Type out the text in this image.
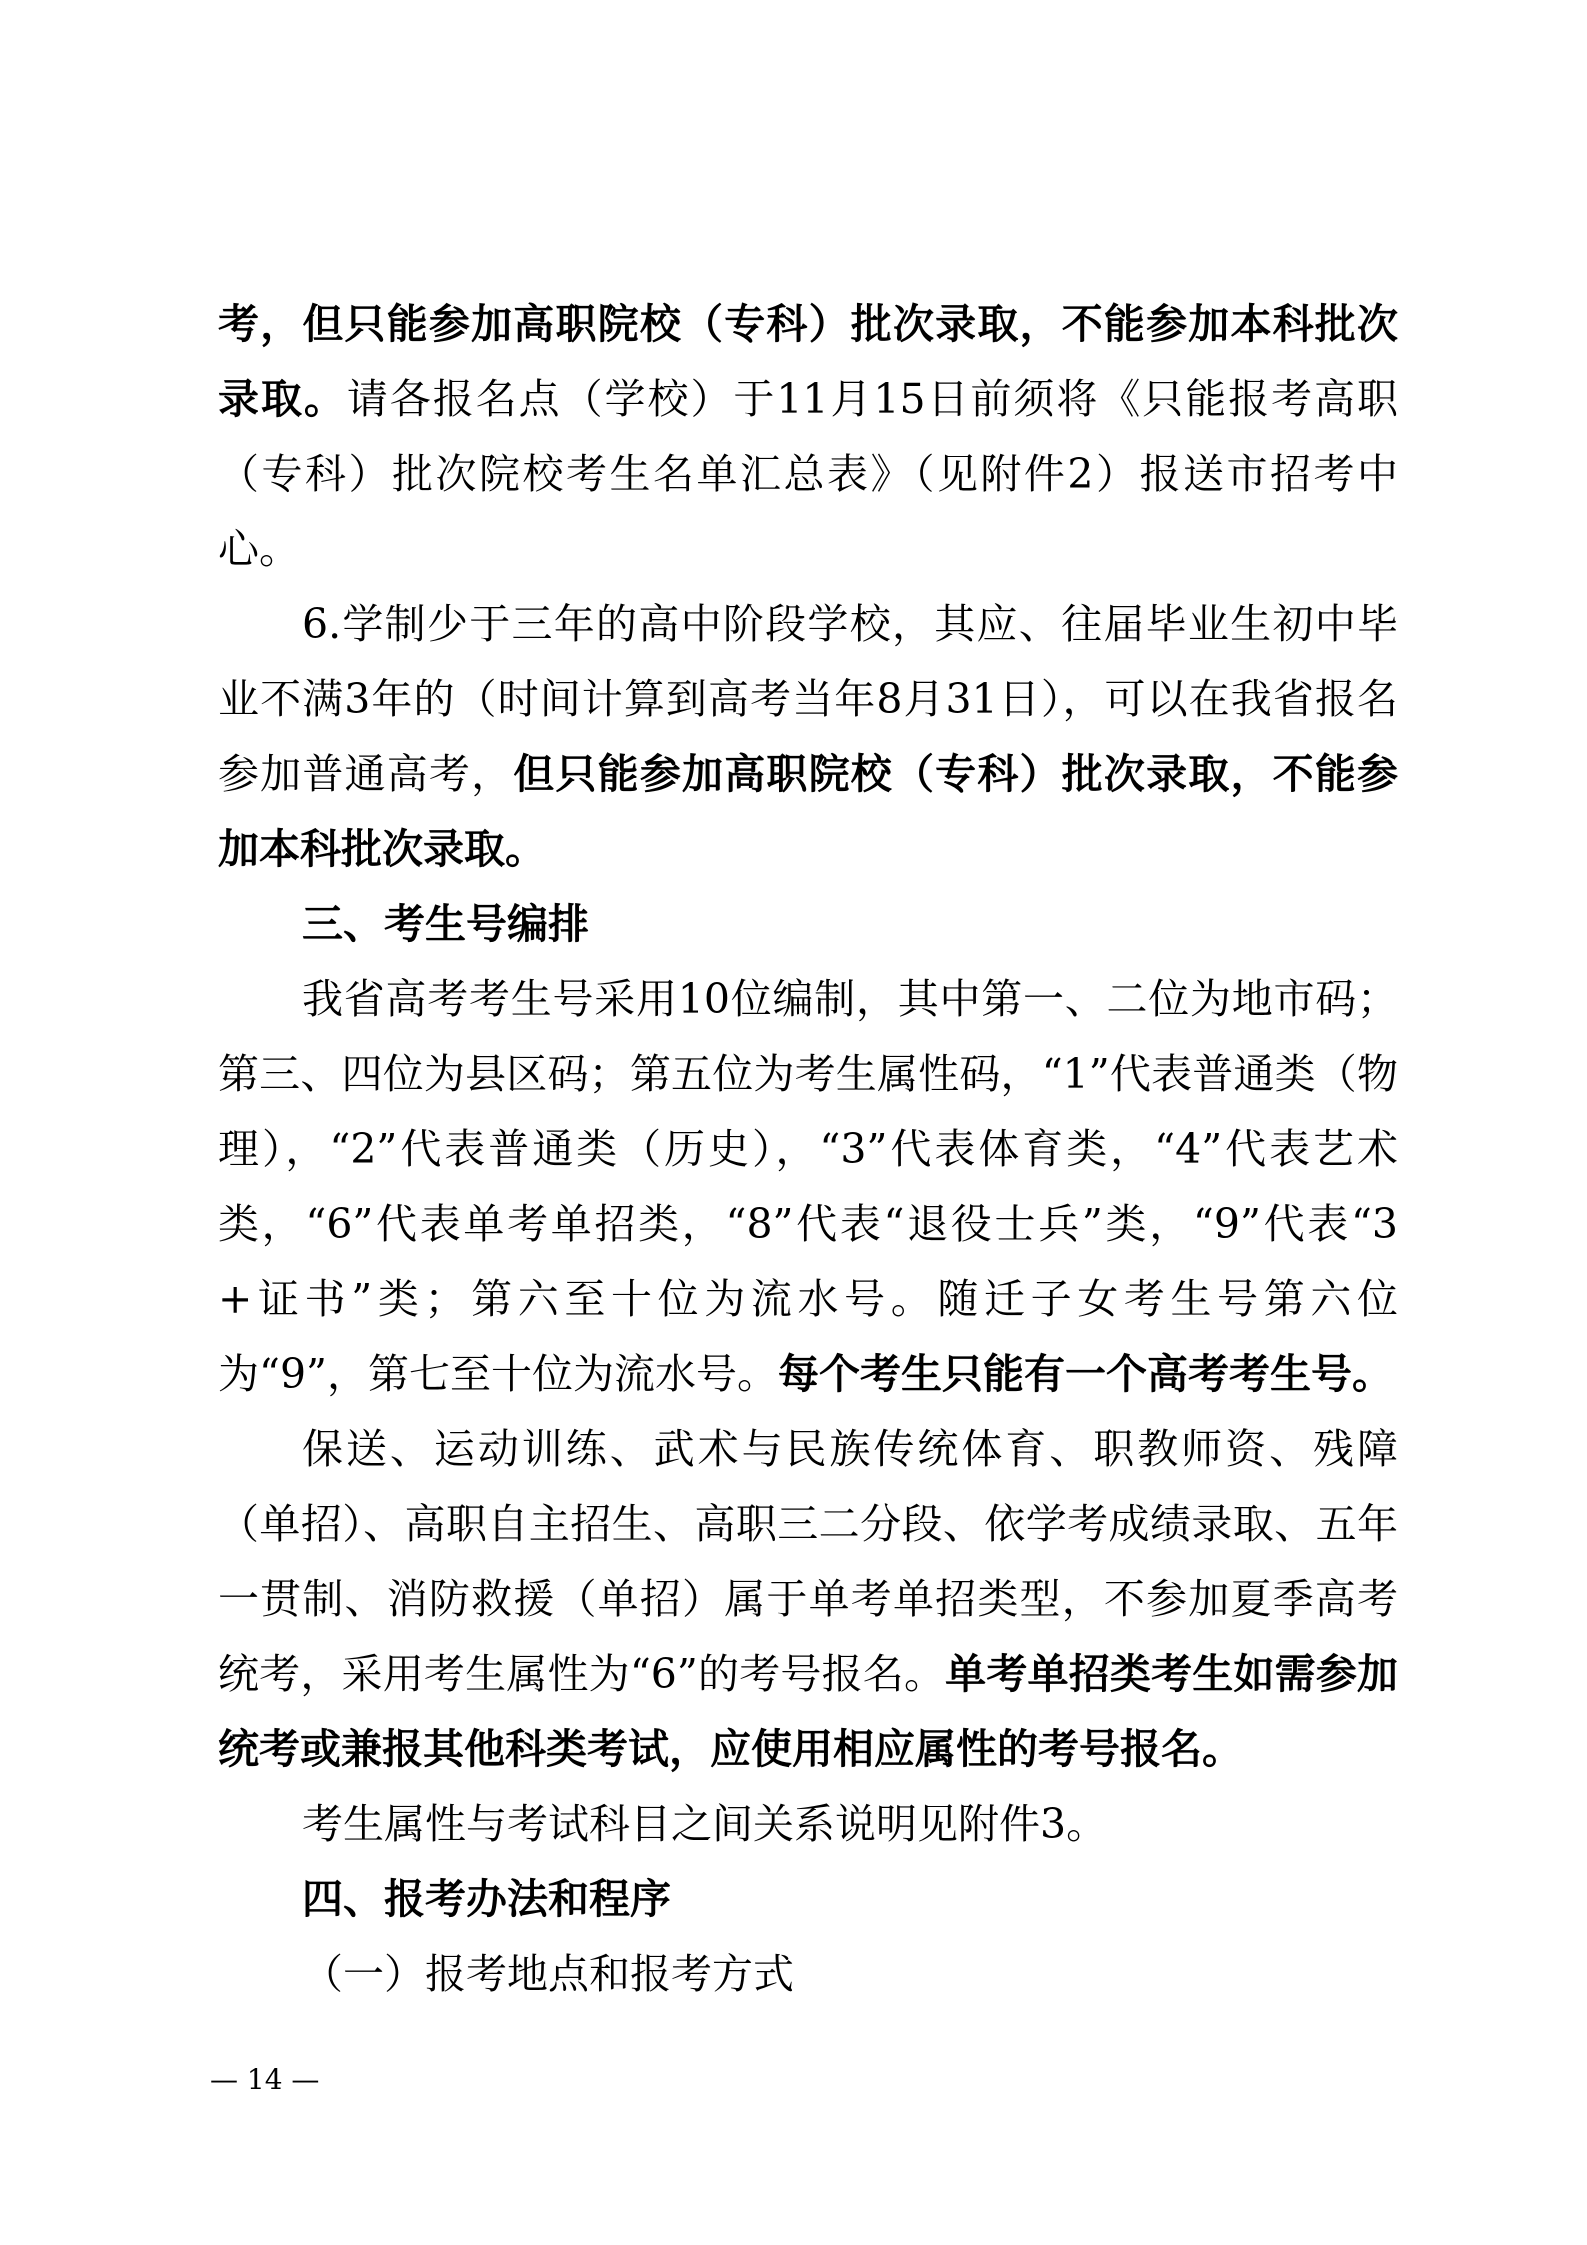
考，但只能参加高职院校（专科）批次录取，不能参加本科批次录取。请各报名点（学校）于11月15日前须将《只能报考高职（专科）批次院校考生名单汇总表》（见附件2）报送市招考中心。

6.学制少于三年的高中阶段学校，其应、往届毕业生初中毕业不满3年的（时间计算到高考当年8月31日），可以在我省报名参加普通高考，但只能参加高职院校（专科）批次录取，不能参加本科批次录取。

三、考生号编排

我省高考考生号采用10位编制，其中第一、二位为地市码；第三、四位为县区码；第五位为考生属性码，“1”代表普通类（物理），“2”代表普通类（历史），“3”代表体育类，“4”代表艺术类，“6”代表单考单招类，“8”代表“退役士兵”类，“9”代表“3+证书”类；第六至十位为流水号。随迁子女考生号第六位为“9”，第七至十位为流水号。每个考生只能有一个高考考生号。

保送、运动训练、武术与民族传统体育、职教师资、残障（单招）、高职自主招生、高职三二分段、依学考成绩录取、五年一贯制、消防救援（单招）属于单考单招类型，不参加夏季高考统考，采用考生属性为“6”的考号报名。单考单招类考生如需参加统考或兼报其他科类考试，应使用相应属性的考号报名。

考生属性与考试科目之间关系说明见附件3。

四、报考办法和程序

（一）报考地点和报考方式

— 14 —
